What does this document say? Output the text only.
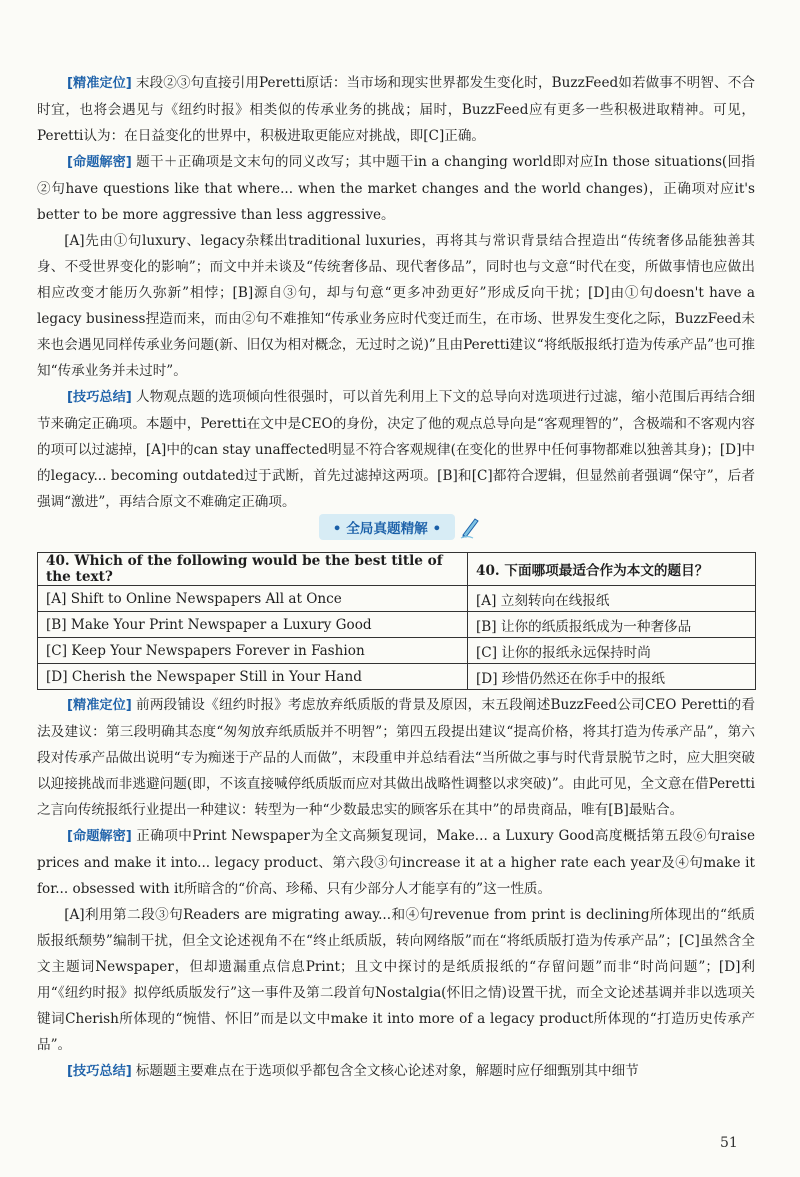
[精准定位] 末段②③句直接引用Peretti原话：当市场和现实世界都发生变化时，BuzzFeed如若做事不明智、不合时宜，也将会遇见与《纽约时报》相类似的传承业务的挑战；届时，BuzzFeed应有更多一些积极进取精神。可见，Peretti认为：在日益变化的世界中，积极进取更能应对挑战，即[C]正确。

[命题解密] 题干＋正确项是文末句的同义改写；其中题干in a changing world即对应In those situations(回指②句have questions like that where... when the market changes and the world changes)，正确项对应it's better to be more aggressive than less aggressive。

[A]先由①句luxury、legacy杂糅出traditional luxuries，再将其与常识背景结合捏造出“传统奢侈品能独善其身、不受世界变化的影响”；而文中并未谈及“传统奢侈品、现代奢侈品”，同时也与文意“时代在变，所做事情也应做出相应改变才能历久弥新”相悖；[B]源自③句，却与句意“更多冲劲更好”形成反向干扰；[D]由①句doesn't have a legacy business捏造而来，而由②句不难推知“传承业务应时代变迁而生，在市场、世界发生变化之际，BuzzFeed未来也会遇见同样传承业务问题(新、旧仅为相对概念，无过时之说)”且由Peretti建议“将纸版报纸打造为传承产品”也可推知“传承业务并未过时”。

[技巧总结] 人物观点题的选项倾向性很强时，可以首先利用上下文的总导向对选项进行过滤，缩小范围后再结合细节来确定正确项。本题中，Peretti在文中是CEO的身份，决定了他的观点总导向是“客观理智的”，含极端和不客观内容的项可以过滤掉，[A]中的can stay unaffected明显不符合客观规律(在变化的世界中任何事物都难以独善其身)；[D]中的legacy... becoming outdated过于武断，首先过滤掉这两项。[B]和[C]都符合逻辑，但显然前者强调“保守”，后者强调“激进”，再结合原文不难确定正确项。

• 全局真题精解 •
40. Which of the following would be the best title of the text?	40. 下面哪项最适合作为本文的题目？
[A] Shift to Online Newspapers All at Once	[A] 立刻转向在线报纸
[B] Make Your Print Newspaper a Luxury Good	[B] 让你的纸质报纸成为一种奢侈品
[C] Keep Your Newspapers Forever in Fashion	[C] 让你的报纸永远保持时尚
[D] Cherish the Newspaper Still in Your Hand	[D] 珍惜仍然还在你手中的报纸

[精准定位] 前两段铺设《纽约时报》考虑放弃纸质版的背景及原因，末五段阐述BuzzFeed公司CEO Peretti的看法及建议：第三段明确其态度“匆匆放弃纸质版并不明智”；第四五段提出建议“提高价格，将其打造为传承产品”，第六段对传承产品做出说明“专为痴迷于产品的人而做”，末段重申并总结看法“当所做之事与时代背景脱节之时，应大胆突破以迎接挑战而非逃避问题(即，不该直接喊停纸质版而应对其做出战略性调整以求突破)”。由此可见，全文意在借Peretti之言向传统报纸行业提出一种建议：转型为一种“少数最忠实的顾客乐在其中”的昂贵商品，唯有[B]最贴合。

[命题解密] 正确项中Print Newspaper为全文高频复现词，Make... a Luxury Good高度概括第五段⑥句raise prices and make it into... legacy product、第六段③句increase it at a higher rate each year及④句make it for... obsessed with it所暗含的“价高、珍稀、只有少部分人才能享有的”这一性质。

[A]利用第二段③句Readers are migrating away...和④句revenue from print is declining所体现出的“纸质版报纸颓势”编制干扰，但全文论述视角不在“终止纸质版，转向网络版”而在“将纸质版打造为传承产品”；[C]虽然含全文主题词Newspaper，但却遗漏重点信息Print；且文中探讨的是纸质报纸的“存留问题”而非“时尚问题”；[D]利用“《纽约时报》拟停纸质版发行”这一事件及第二段首句Nostalgia(怀旧之情)设置干扰，而全文论述基调并非以选项关键词Cherish所体现的“惋惜、怀旧”而是以文中make it into more of a legacy product所体现的“打造历史传承产品”。

[技巧总结] 标题题主要难点在于选项似乎都包含全文核心论述对象，解题时应仔细甄别其中细节

51
